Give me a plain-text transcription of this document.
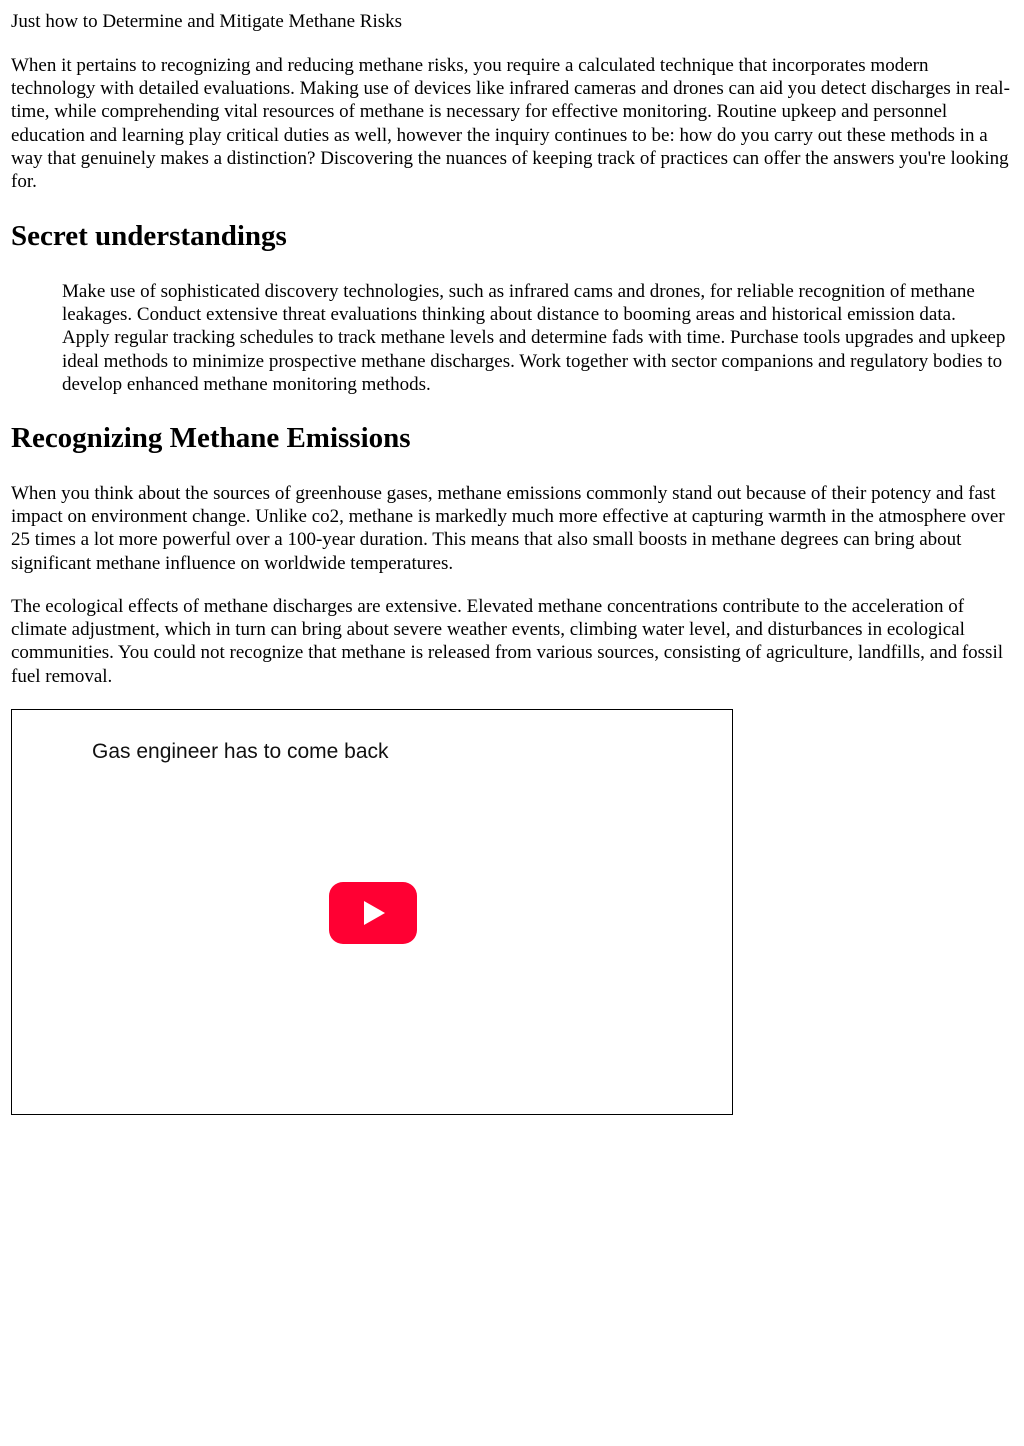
Just how to Determine and Mitigate Methane Risks

When it pertains to recognizing and reducing methane risks, you require a calculated technique that incorporates modern technology with detailed evaluations. Making use of devices like infrared cameras and drones can aid you detect discharges in real-time, while comprehending vital resources of methane is necessary for effective monitoring. Routine upkeep and personnel education and learning play critical duties as well, however the inquiry continues to be: how do you carry out these methods in a way that genuinely makes a distinction? Discovering the nuances of keeping track of practices can offer the answers you're looking for.

Secret understandings

Make use of sophisticated discovery technologies, such as infrared cams and drones, for reliable recognition of methane leakages. Conduct extensive threat evaluations thinking about distance to booming areas and historical emission data. Apply regular tracking schedules to track methane levels and determine fads with time. Purchase tools upgrades and upkeep ideal methods to minimize prospective methane discharges. Work together with sector companions and regulatory bodies to develop enhanced methane monitoring methods.

Recognizing Methane Emissions

When you think about the sources of greenhouse gases, methane emissions commonly stand out because of their potency and fast impact on environment change. Unlike co2, methane is markedly much more effective at capturing warmth in the atmosphere over 25 times a lot more powerful over a 100-year duration. This means that also small boosts in methane degrees can bring about significant methane influence on worldwide temperatures.

The ecological effects of methane discharges are extensive. Elevated methane concentrations contribute to the acceleration of climate adjustment, which in turn can bring about severe weather events, climbing water level, and disturbances in ecological communities. You could not recognize that methane is released from various sources, consisting of agriculture, landfills, and fossil fuel removal.

Gas engineer has to come back
